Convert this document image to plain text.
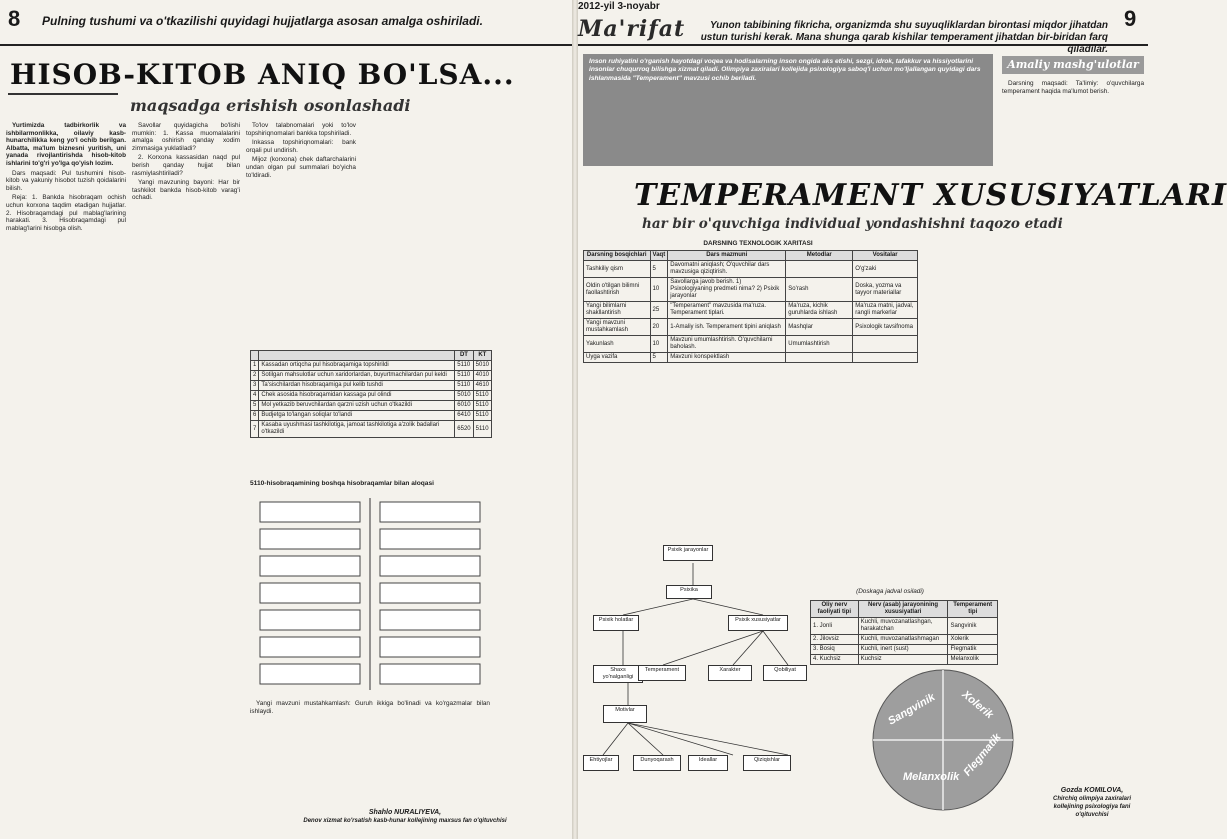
8 Pulning tushumi va o'tkazilishi quyidagi hujjatlarga asosan amalga oshiriladi.
HISOB-KITOB ANIQ BO'LSA...
maqsadga erishish osonlashadi

Yurtimizda tadbirkorlik va ishbilarmonlikka, oilaviy kasb-hunarchilikka keng yo'l ochib berilgan. Albatta, ma'lum biznesni yuritish, uni yanada rivojlantirishda hisob-kitob ishlarini to'g'ri yo'lga qo'yish lozim.

Dars maqsadi: Pul tushumini hisob-kitob va yakuniy hisobot tuzish qoidalarini bilish.

Reja: 1. Bankda hisobraqam ochish uchun korxona taqdim etadigan hujjatlar. 2. Hisobraqamdagi pul mablag'larining harakati. 3. Hisobraqamdagi pul mablag'larini hisobga olish.

Savollar quyidagicha bo'lishi mumkin: 1. Kassa muomalalarini amalga oshirish qanday xodim zimmasiga yuklatiladi?

2. Korxona kassasidan naqd pul berish qanday hujjat bilan rasmiylashtiriladi?

Yangi mavzuning bayoni: Har bir tashkilot bankda hisob-kitob varag'i ochadi.

To'lov talabnomalari yoki to'lov topshiriqnomalari bankka topshiriladi.

Inkassa topshiriqnomalari: bank orqali pul undirish.

Mijoz (korxona) chek daftarchalarini undan olgan pul summalari bo'yicha to'ldiradi.

		DT	KT
1	Kassadan ortiqcha pul hisobraqamiga topshirildi	5110	5010
2	Sotilgan mahsulotlar uchun xaridorlardan, buyurtmachilardan pul keldi	5110	4010
3	Ta'sischilardan hisobraqamiga pul kelib tushdi	5110	4610
4	Chek asosida hisobraqamidan kassaga pul olindi	5010	5110
5	Mol yetkazib beruvchilardan qarzni uzish uchun o'tkazildi	6010	5110
6	Budjetga to'langan soliqlar to'landi	6410	5110
7	Kasaba uyushmasi tashkilotiga, jamoat tashkilotiga a'zolik badallari o'tkazildi	6520	5110
5110-hisobraqamining boshqa hisobraqamlar bilan aloqasi

Yangi mavzuni mustahkamlash: Guruh ikkiga bo'linadi va ko'rgazmalar bilan ishlaydi.

Shahlo NURALIYEVA,
Denov xizmat ko'rsatish kasb-hunar kollejining maxsus fan o'qituvchisi
2012-yil 3-noyabr
Ma'rifat	Yunon tabibining fikricha, organizmda shu suyuqliklardan birontasi miqdor jihatdan ustun turishi kerak. Mana shunga qarab kishilar temperament jihatdan bir-biridan farq qiladilar.
9
Inson ruhiyatini o'rganish hayotdagi voqea va hodisalarning inson ongida aks etishi, sezgi, idrok, tafakkur va hissiyotlarini insonlar chuqurroq bilishga xizmat qiladi. Olimpiya zaxiralari kollejida psixologiya saboq'i uchun mo'ljallangan quyidagi dars ishlanmasida "Temperament" mavzusi ochib beriladi.
Amaliy mashg'ulotlar

Darsning maqsadi: Ta'limiy: o'quvchilarga temperament haqida ma'lumot berish.

TEMPERAMENT XUSUSIYATLARI
har bir o'quvchiga individual yondashishni taqozo etadi
DARSNING TEXNOLOGIK XARITASI
Darsning bosqichlari	Vaqt	Dars mazmuni	Metodlar	Vositalar
Tashkiliy qism	5	Davomatni aniqlash; O'quvchilar dars mavzusiga qiziqtirish.		O'g'zaki
Oldin o'tilgan bilimni faollashtirish	10	Savollarga javob berish. 1) Psixologiyaning predmeti nima? 2) Psixik jarayonlar	So'rash	Doska, yozma va tayyor materiallar
Yangi bilimlarni shakllantirish	25	"Temperament" mavzusida ma'ruza. Temperament tiplari.	Ma'ruza, kichik guruhlarda ishlash	Ma'ruza matni, jadval, rangli markerlar
Yangi mavzuni mustahkamlash	20	1-Amaliy ish. Temperament tipini aniqlash	Mashqlar	Psixologik tavsifnoma
Yakunlash	10	Mavzuni umumlashtirish. O'quvchilarni baholash.	Umumlashtirish	
Uyga vazifa	5	Mavzuni konspektlash		
Psixik jarayonlar
Psixika
Psixik holatlar	Psixik xususiyatlar
Shaxs yo'nalganligi
Temperament	Xarakter	Qobiliyat
Motivlar
Ehtiyojlar	Dunyoqarash	Ideallar	Qiziqishlar
(Doskaga jadval osiladi)
Oliy nerv faoliyati tipi	Nerv (asab) jarayonining xususiyatlari	Temperament tipi
1. Jonli	Kuchli, muvozanatlashgan, harakatchan	Sangvinik
2. Jilovsiz	Kuchli, muvozanatlashmagan	Xolerik
3. Bosiq	Kuchli, inert (sust)	Flegmatik
4. Kuchsiz	Kuchsiz	Melanxolik
Sangvinik Xolerik
Flegmatik
Melanxolik
Gozda KOMILOVA,
Chirchiq olimpiya zaxiralari kollejining psixologiya fani o'qituvchisi
